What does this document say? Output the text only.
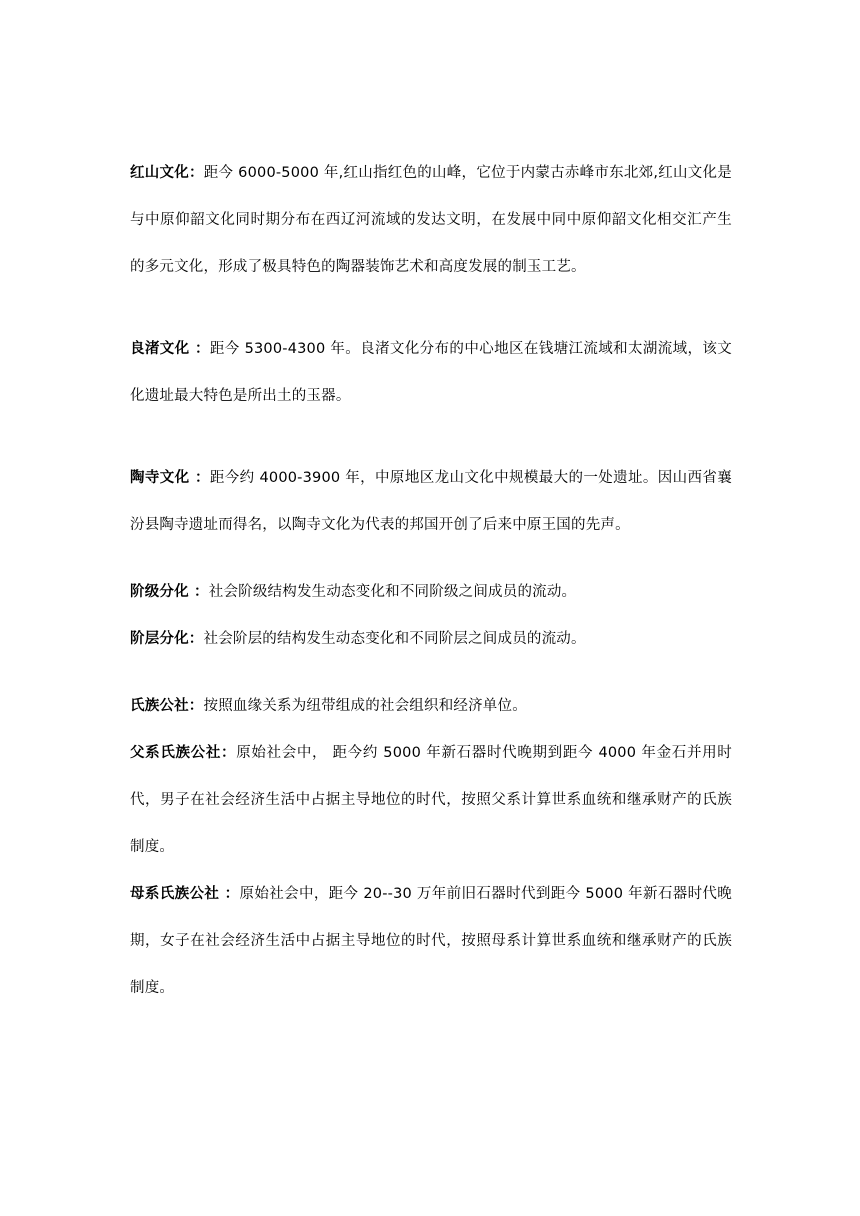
红山文化：距今 6000-5000 年,红山指红色的山峰，它位于内蒙古赤峰市东北郊,红山文化是与中原仰韶文化同时期分布在西辽河流域的发达文明，在发展中同中原仰韶文化相交汇产生的多元文化，形成了极具特色的陶器装饰艺术和高度发展的制玉工艺。

良渚文化 ：距今 5300-4300 年。良渚文化分布的中心地区在钱塘江流域和太湖流域，该文化遗址最大特色是所出土的玉器。

陶寺文化 ：距今约 4000-3900 年，中原地区龙山文化中规模最大的一处遗址。因山西省襄汾县陶寺遗址而得名，以陶寺文化为代表的邦国开创了后来中原王国的先声。

阶级分化 ：社会阶级结构发生动态变化和不同阶级之间成员的流动。

阶层分化：社会阶层的结构发生动态变化和不同阶层之间成员的流动。

氏族公社：按照血缘关系为纽带组成的社会组织和经济单位。

父系氏族公社：原始社会中， 距今约 5000 年新石器时代晚期到距今 4000 年金石并用时代，男子在社会经济生活中占据主导地位的时代，按照父系计算世系血统和继承财产的氏族制度。

母系氏族公社 ：原始社会中，距今 20--30 万年前旧石器时代到距今 5000 年新石器时代晚期，女子在社会经济生活中占据主导地位的时代，按照母系计算世系血统和继承财产的氏族制度。
